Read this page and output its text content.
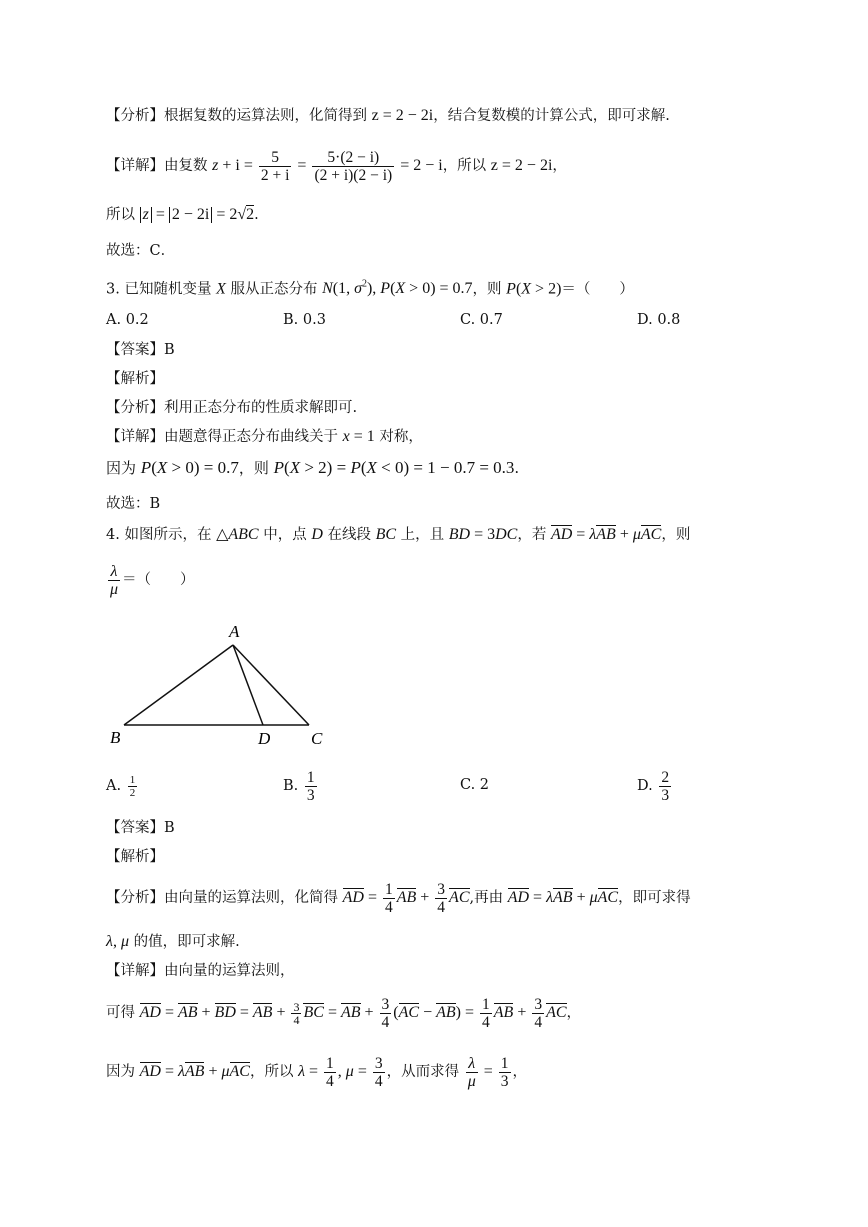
【分析】根据复数的运算法则，化简得到 z = 2 − 2i，结合复数模的计算公式，即可求解.
【详解】由复数 $z + i = \frac{5}{2 + i} = \frac{5\cdot(2 - i)}{(2 + i)(2 - i)} = 2 - i$，所以 z = 2 − 2i，
所以 z = 2 − 2i = 2√2.
故选：C．
3. 已知随机变量 X 服从正态分布 N(1, $\sigma^2$), P(X > 0) = 0.7，则 P(X > 2)＝（　　）
A. 0.2	B. 0.3	C. 0.7	D. 0.8
【答案】B
【解析】
【分析】利用正态分布的性质求解即可.
【详解】由题意得正态分布曲线关于 x = 1 对称，
因为 P(X > 0) = 0.7，则 P(X > 2) = P(X < 0) = 1 − 0.7 = 0.3.
故选：B
4. 如图所示，在 △ABC 中，点 D 在线段 BC 上，且 BD = 3DC，若 AD = λAB + μAC，则
$\frac{\lambda}{\mu}$ ＝（　　）
A
B	D C
A. $\frac{1}{2}$	B. $\frac{1}{3}$	C. 2	D. $\frac{2}{3}$
【答案】B
【解析】
【分析】由向量的运算法则，化简得 AD = $\frac{1}{4}$ AB + $\frac{3}{4}$ AC,再由 AD = λAB + μAC，即可求得
λ, μ 的值，即可求解.
【详解】由向量的运算法则，
可得 AD = AB + BD = AB + $\frac{3}{4}$ BC = AB + $\frac{3}{4} (AC - AB) = \frac{1}{4}$ AB + $\frac{3}{4}$ AC，
因为 AD = λAB + μAC，所以 $\lambda = \frac{1}{4}$ , $\mu = \frac{3}{4}$ ，从而求得 $\frac{\lambda}{\mu} = \frac{1}{3}$ ，
